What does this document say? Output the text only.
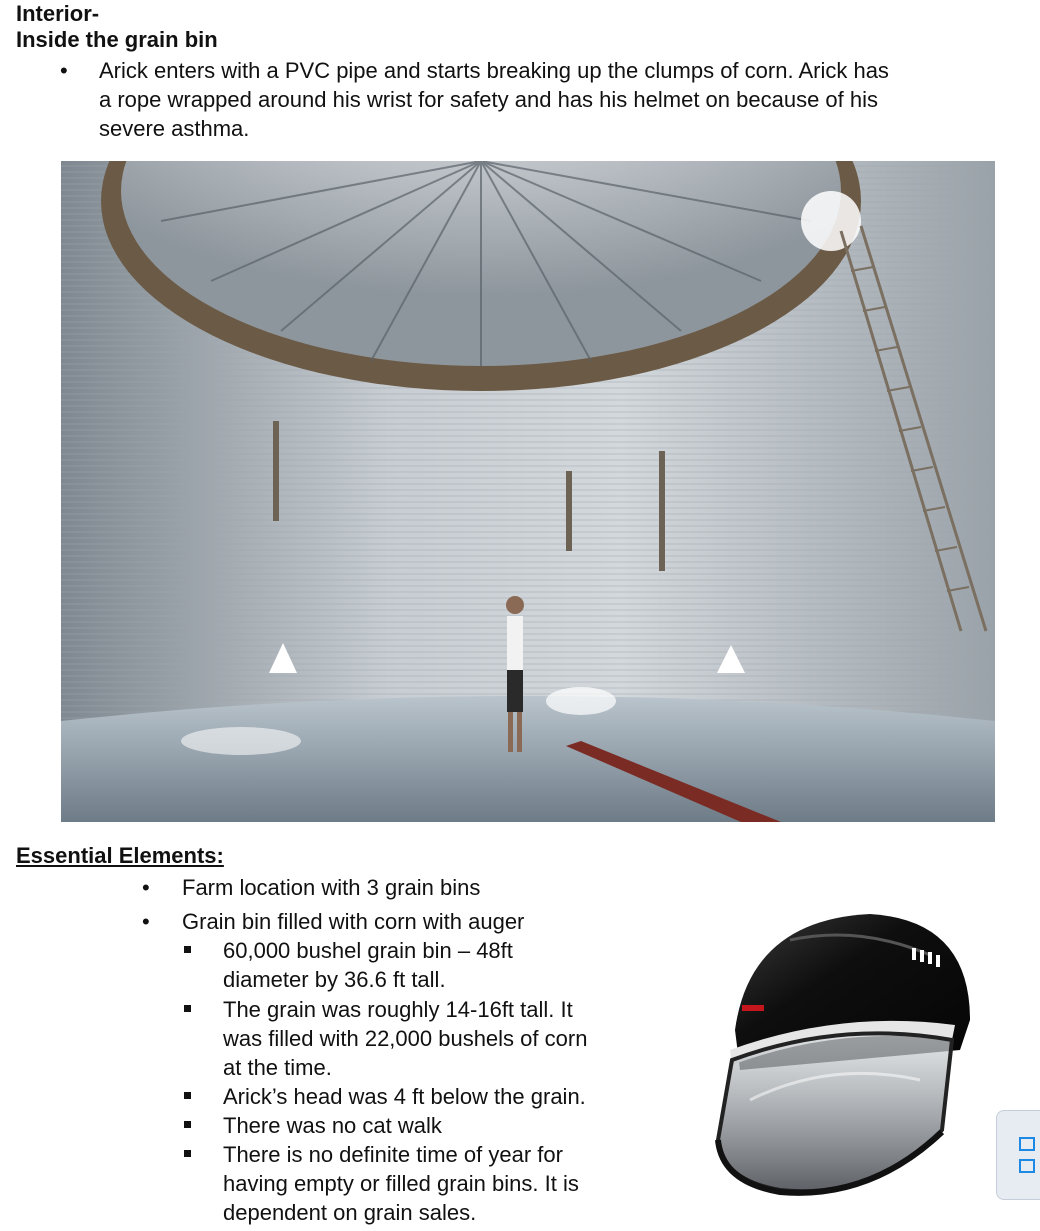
Interior-
Inside the grain bin
• Arick enters with a PVC pipe and starts breaking up the clumps of corn. Arick has
a rope wrapped around his wrist for safety and has his helmet on because of his
severe asthma.
Essential Elements:
• Farm location with 3 grain bins
• Grain bin filled with corn with auger
60,000 bushel grain bin – 48ft
diameter by 36.6 ft tall.
The grain was roughly 14-16ft tall. It
was filled with 22,000 bushels of corn
at the time.
Arick’s head was 4 ft below the grain.
There was no cat walk
There is no definite time of year for
having empty or filled grain bins. It is
dependent on grain sales.
